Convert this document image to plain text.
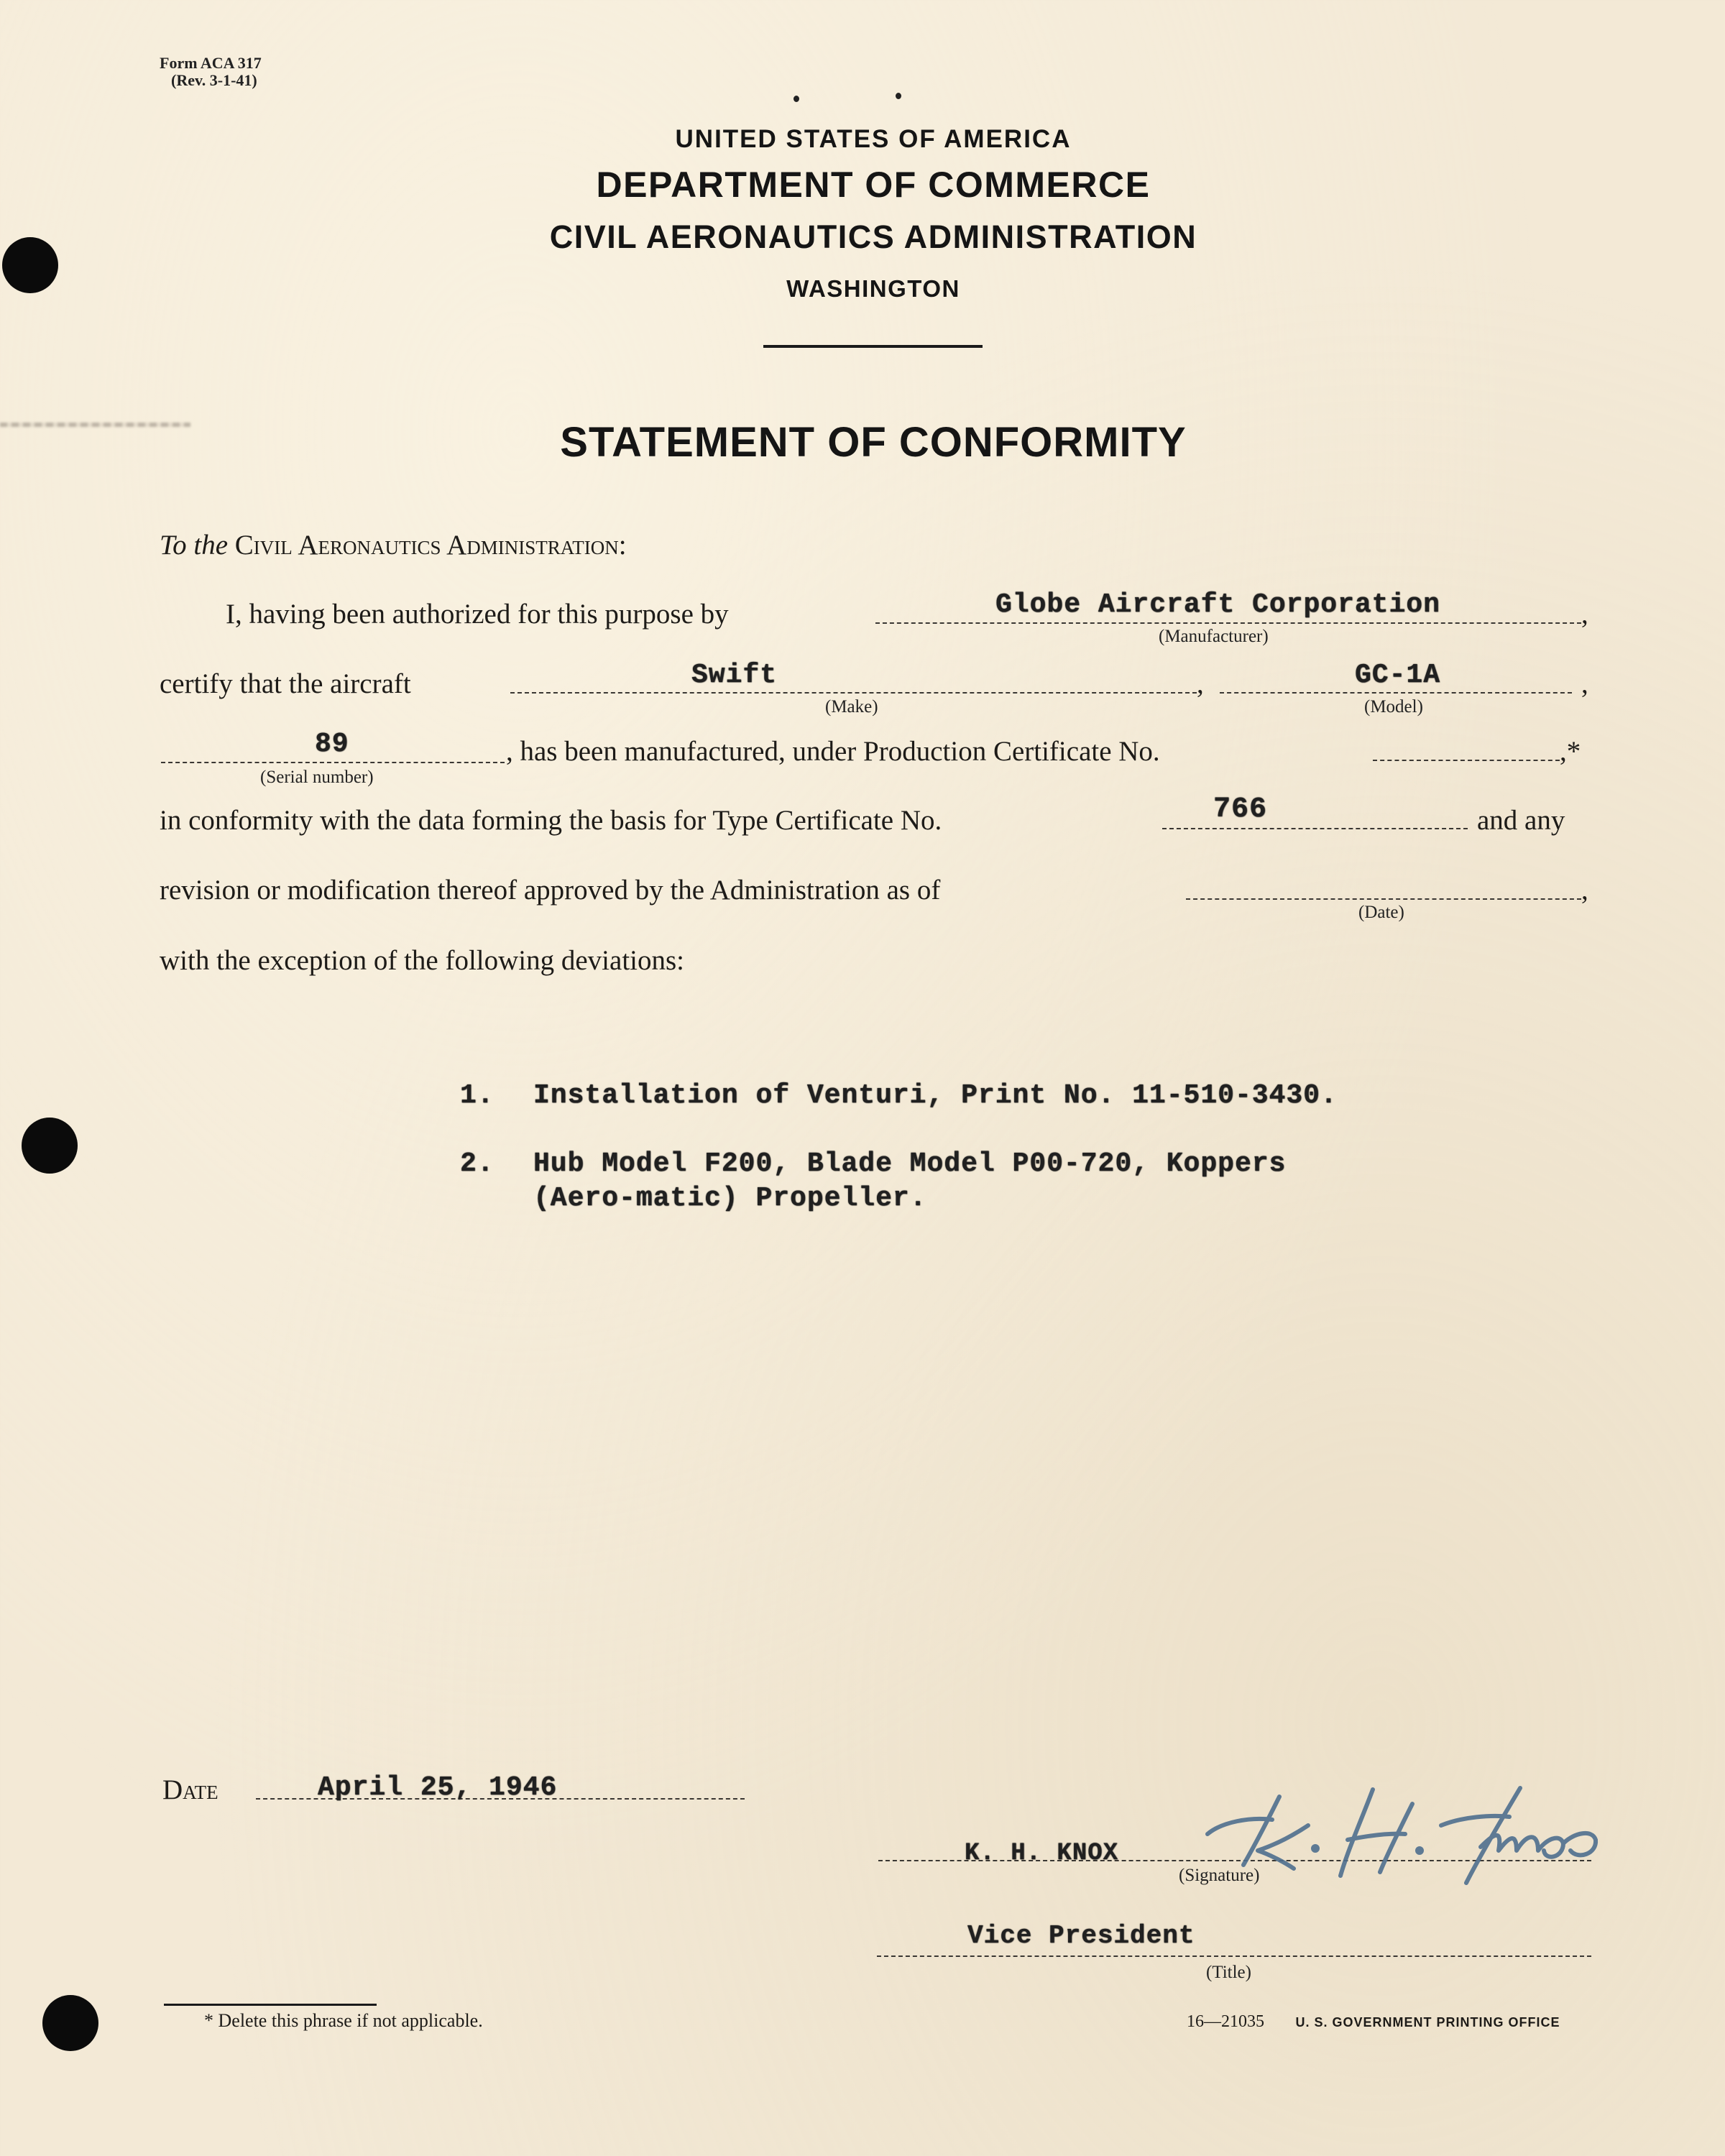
Form ACA 317
(Rev. 3-1-41)
UNITED STATES OF AMERICA
DEPARTMENT OF COMMERCE
CIVIL AERONAUTICS ADMINISTRATION
WASHINGTON
STATEMENT OF CONFORMITY
To the Civil Aeronautics Administration:
I, having been authorized for this purpose by	Globe Aircraft Corporation	,
(Manufacturer)
certify that the aircraft	Swift	,	GC-1A	,
(Make)	(Model)
89	, has been manufactured, under Production Certificate No.	,*
(Serial number)
in conformity with the data forming the basis for Type Certificate No.	766	and any
revision or modification thereof approved by the Administration as of	,
(Date)
with the exception of the following deviations:
1. Installation of Venturi, Print No. 11-510-3430.
2. Hub Model F200, Blade Model P00-720, Koppers
(Aero-matic) Propeller.
Date	April 25, 1946
K. H. KNOX
(Signature)
Vice President
(Title)
* Delete this phrase if not applicable.	16—21035 U. S. GOVERNMENT PRINTING OFFICE
